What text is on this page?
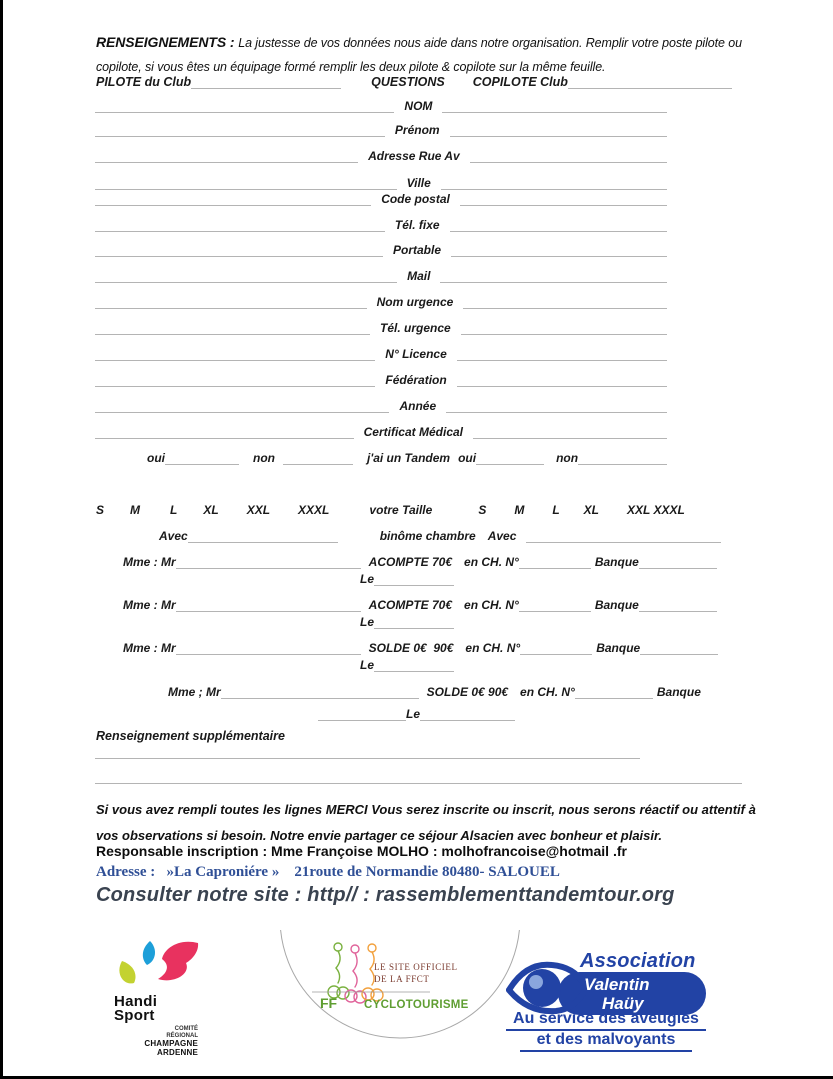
RENSEIGNEMENTS : La justesse de vos données nous aide dans notre organisation. Remplir votre poste pilote ou
copilote, si vous êtes un équipage formé remplir les deux pilote & copilote sur la même feuille.
PILOTE du Club	QUESTIONS COPILOTE Club
NOM
Prénom
Adresse Rue Av
Ville
Code postal
Tél. fixe
Portable
Mail
Nom urgence
Tél. urgence
N° Licence
Fédération
Année
Certificat Médical
oui	non	j'ai un Tandem oui	non
S M	L XL XXL XXXL	votre Taille	S M L XL XXL XXXL
Avec	binôme chambre Avec
Mme : Mr	ACOMPTE 70€ en CH. N°	Banque
Le
Mme : Mr	ACOMPTE 70€ en CH. N°	Banque
Le
Mme : Mr	SOLDE 0€  90€ en CH. N°	Banque
Le
Mme ; Mr	SOLDE 0€ 90€ en CH. N°	Banque
Le
Renseignement supplémentaire
Si vous avez rempli toutes les lignes MERCI Vous serez inscrite ou inscrit, nous serons réactif ou attentif à
vos observations si besoin. Notre envie partager ce séjour Alsacien avec bonheur et plaisir.
Responsable inscription : Mme Françoise MOLHO : molhofrancoise@hotmail .fr
Adresse :   »La Caproniére »    21route de Normandie 80480- SALOUEL
Consulter notre site : http// : rassemblementtandemtour.org
Handi
Sport
COMITÉ
RÉGIONAL
CHAMPAGNE
ARDENNE
LE SITE OFFICIEL
DE LA FFCT
FF CYCLOTOURISME
Association
Valentin
Haüy
Au service des aveugles
et des malvoyants
